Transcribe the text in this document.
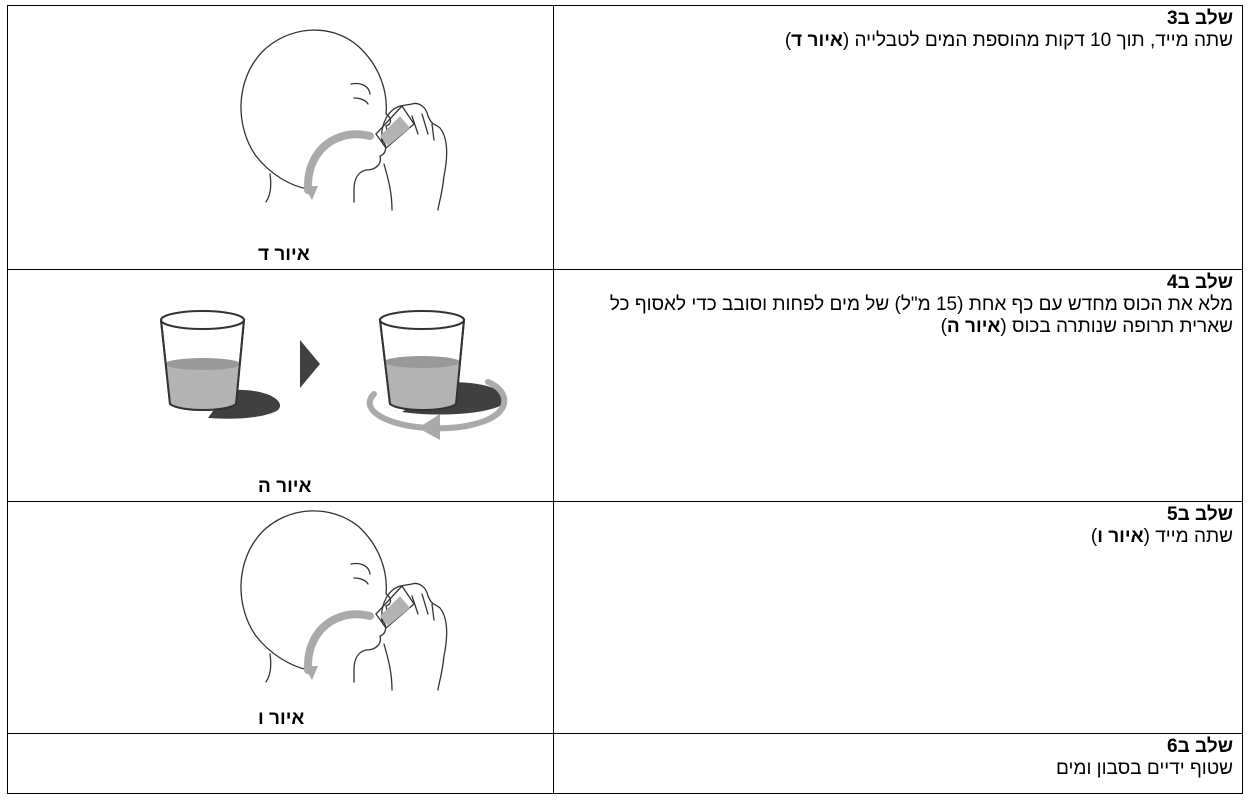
איור ד	שלב ב3
שתה מייד, תוך 10 דקות מהוספת המים לטבלייה (איור ד)

איור ה	שלב ב4
מלא את הכוס מחדש עם כף אחת (15 מ"ל) של מים לפחות וסובב כדי לאסוף כל שארית תרופה שנותרה בכוס (איור ה)

איור ו	שלב ב5
שתה מייד (איור ו)

	שלב ב6
שטוף ידיים בסבון ומים
